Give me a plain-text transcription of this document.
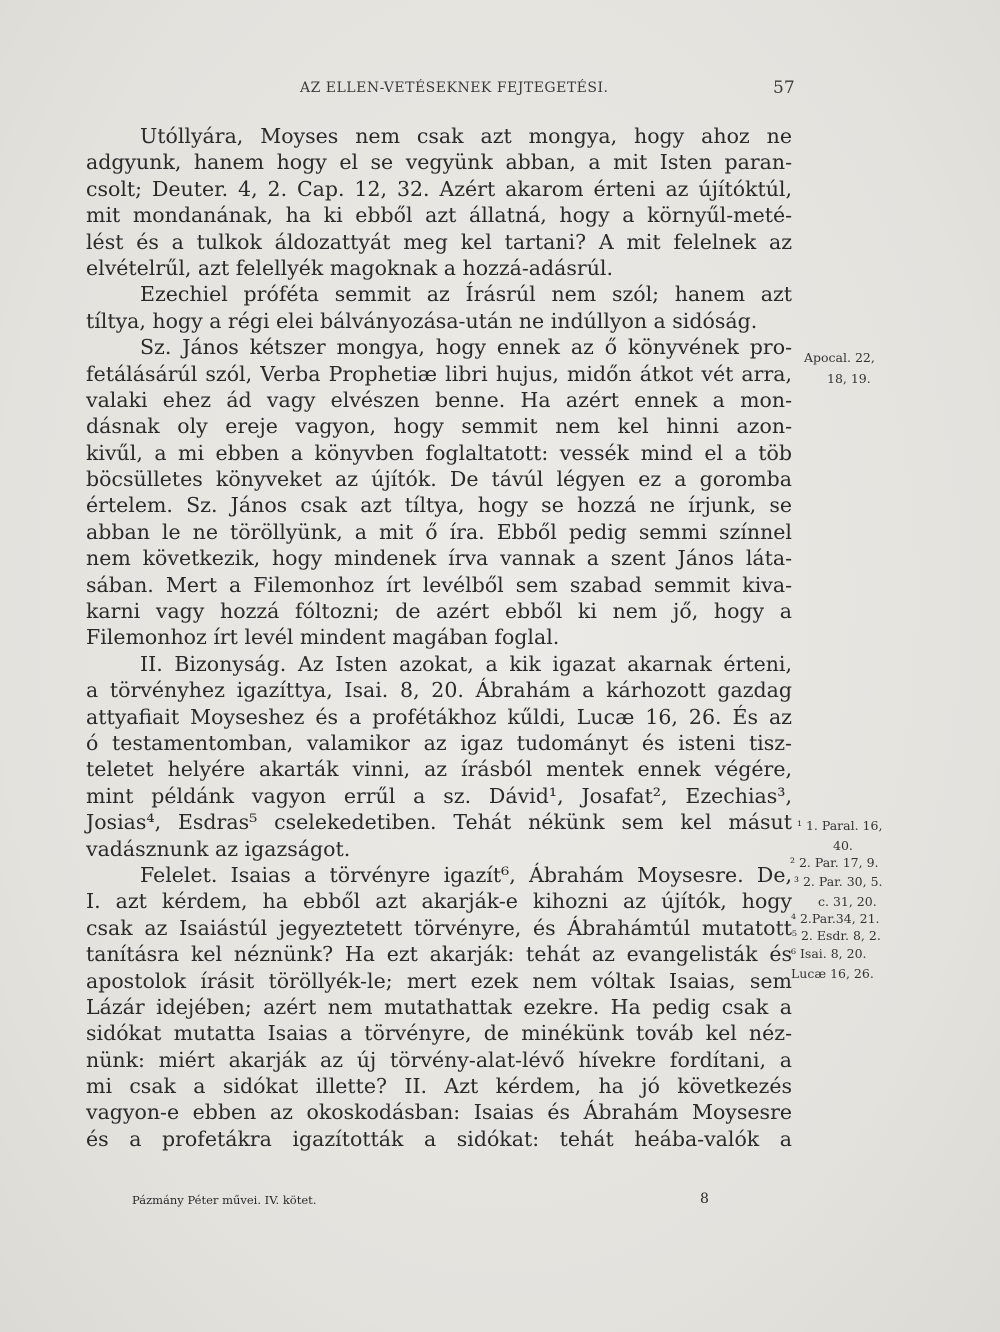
AZ ELLEN-VETÉSEKNEK FEJTEGETÉSI.	57
Utóllyára, Moyses nem csak azt mongya, hogy ahoz ne
adgyunk, hanem hogy el se vegyünk abban, a mit Isten paran-
csolt; Deuter. 4, 2. Cap. 12, 32. Azért akarom érteni az újítóktúl,
mit mondanának, ha ki ebből azt állatná, hogy a környűl-meté-
lést és a tulkok áldozattyát meg kel tartani? A mit felelnek az
elvételrűl, azt felellyék magoknak a hozzá-adásrúl.
Ezechiel próféta semmit az Írásrúl nem szól; hanem azt
tíltya, hogy a régi elei bálványozása-után ne indúllyon a sidóság.
Sz. János kétszer mongya, hogy ennek az ő könyvének pro-
fetálásárúl szól, Verba Prophetiæ libri hujus, midőn átkot vét arra,
valaki ehez ád vagy elvészen benne. Ha azért ennek a mon-
dásnak oly ereje vagyon, hogy semmit nem kel hinni azon-
kivűl, a mi ebben a könyvben foglaltatott: vessék mind el a töb
böcsülletes könyveket az újítók. De távúl légyen ez a goromba
értelem. Sz. János csak azt tíltya, hogy se hozzá ne írjunk, se
abban le ne töröllyünk, a mit ő íra. Ebből pedig semmi színnel
nem következik, hogy mindenek írva vannak a szent János láta-
sában. Mert a Filemonhoz írt levélből sem szabad semmit kiva-
karni vagy hozzá fóltozni; de azért ebből ki nem jő, hogy a
Filemonhoz írt levél mindent magában foglal.
II. Bizonyság. Az Isten azokat, a kik igazat akarnak érteni,
a törvényhez igazíttya, Isai. 8, 20. Ábrahám a kárhozott gazdag
attyafiait Moyseshez és a profétákhoz kűldi, Lucæ 16, 26. És az
ó testamentomban, valamikor az igaz tudományt és isteni tisz-
teletet helyére akarták vinni, az írásból mentek ennek végére,
mint példánk vagyon errűl a sz. Dávid¹, Josafat², Ezechias³,
Josias⁴, Esdras⁵ cselekedetiben. Tehát nékünk sem kel másut
vadásznunk az igazságot.
Felelet. Isaias a törvényre igazít⁶, Ábrahám Moysesre. De,
I. azt kérdem, ha ebből azt akarják-e kihozni az újítók, hogy
csak az Isaiástúl jegyeztetett törvényre, és Ábrahámtúl mutatott
tanításra kel néznünk? Ha ezt akarják: tehát az evangelisták és
apostolok írásit töröllyék-le; mert ezek nem vóltak Isaias, sem
Lázár idejében; azért nem mutathattak ezekre. Ha pedig csak a
sidókat mutatta Isaias a törvényre, de minékünk továb kel néz-
nünk: miért akarják az új törvény-alat-lévő hívekre fordítani, a
mi csak a sidókat illette? II. Azt kérdem, ha jó következés
vagyon-e ebben az okoskodásban: Isaias és Ábrahám Moysesre
és a profetákra igazították a sidókat: tehát heába-valók a
Apocal. 22,
18, 19.
¹ 1. Paral. 16,
40.
² 2. Par. 17, 9.
³ 2. Par. 30, 5.
c. 31, 20.
⁴ 2.Par.34, 21.
⁵ 2. Esdr. 8, 2.
⁶ Isai. 8, 20.
Lucæ 16, 26.
Pázmány Péter művei. IV. kötet.	8
